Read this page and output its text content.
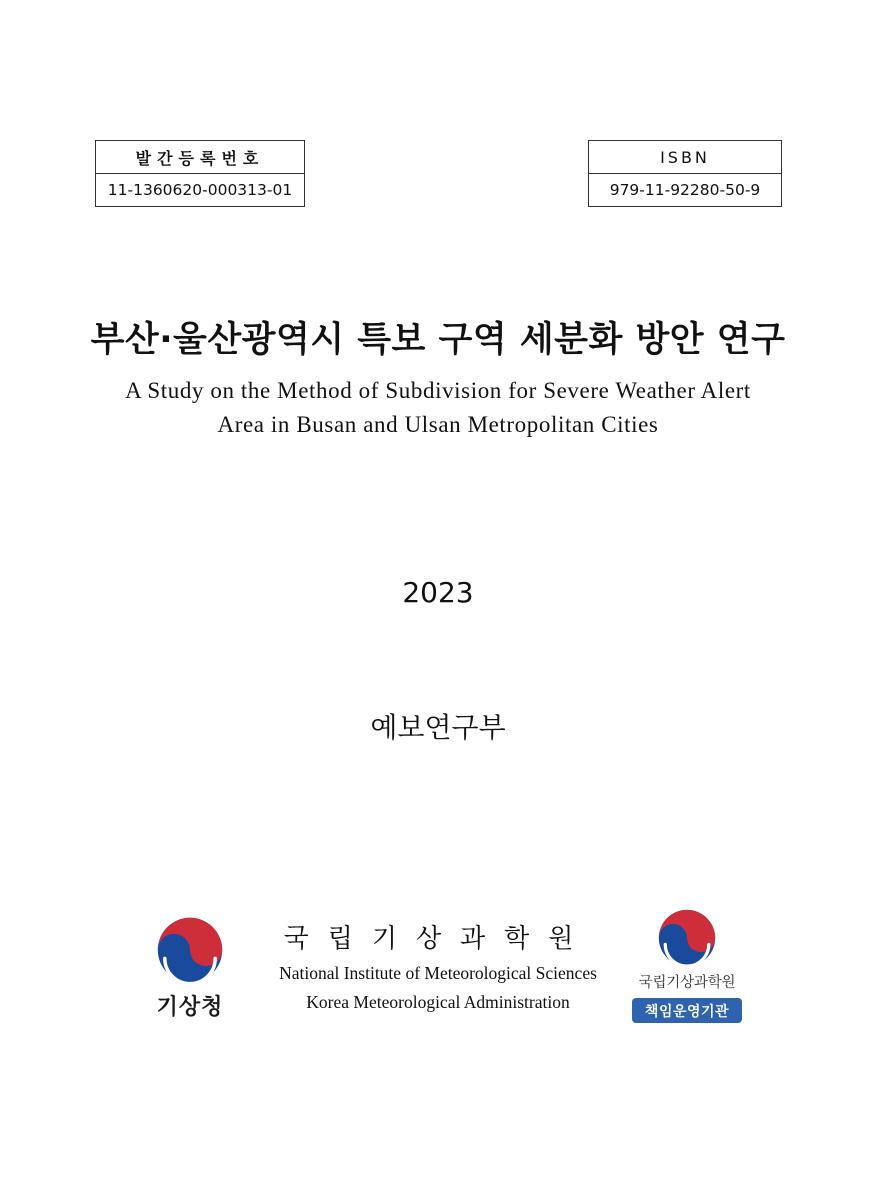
발간등록번호
11-1360620-000313-01
ISBN
979-11-92280-50-9
부산·울산광역시 특보 구역 세분화 방안 연구
A Study on the Method of Subdivision for Severe Weather Alert
Area in Busan and Ulsan Metropolitan Cities
2023
예보연구부
기상청
국립기상과학원
National Institute of Meteorological Sciences
Korea Meteorological Administration
국립기상과학원
책임운영기관
